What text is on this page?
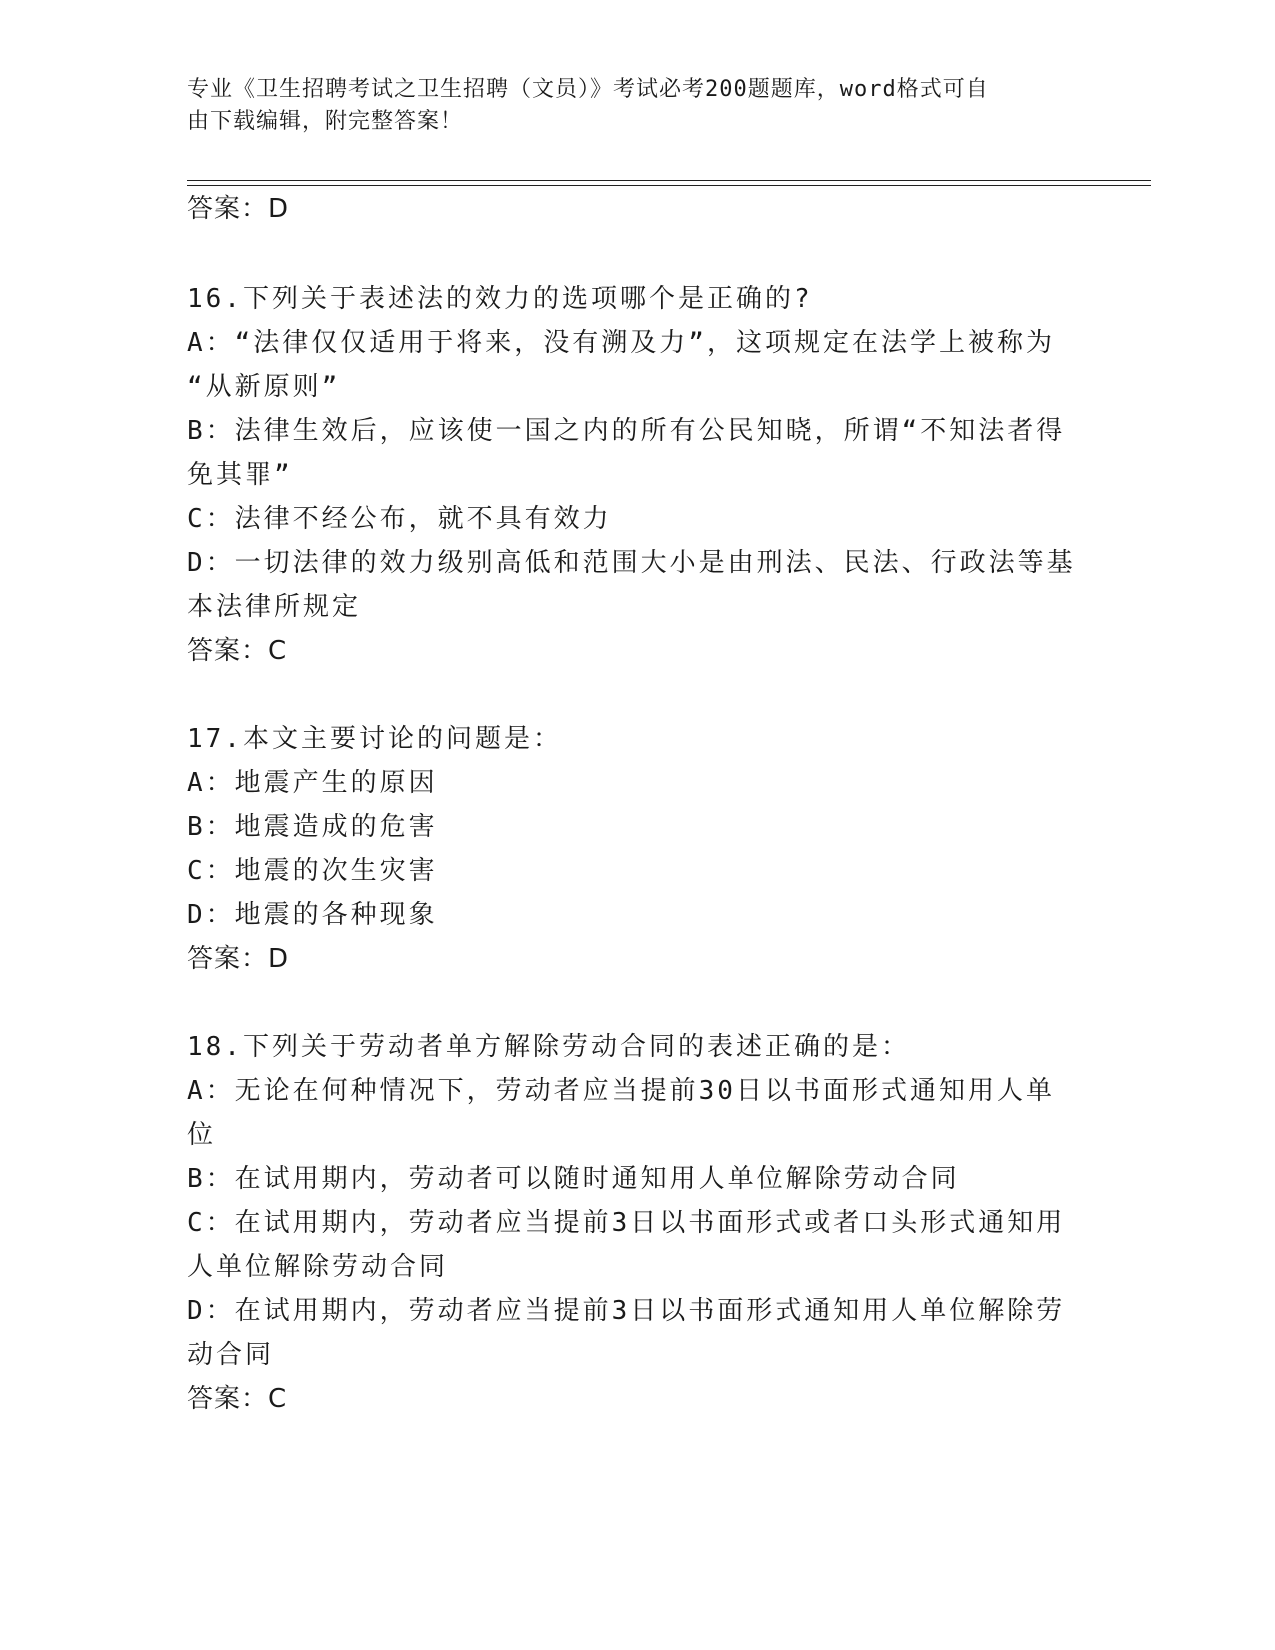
专业《卫生招聘考试之卫生招聘（文员）》考试必考200题题库，word格式可自
由下载编辑，附完整答案！
答案：D
16.下列关于表述法的效力的选项哪个是正确的?
A：“法律仅仅适用于将来，没有溯及力”，这项规定在法学上被称为
“从新原则”
B：法律生效后，应该使一国之内的所有公民知晓，所谓“不知法者得
免其罪”
C：法律不经公布，就不具有效力
D：一切法律的效力级别高低和范围大小是由刑法、民法、行政法等基
本法律所规定
答案：C
17.本文主要讨论的问题是：
A：地震产生的原因
B：地震造成的危害
C：地震的次生灾害
D：地震的各种现象
答案：D
18.下列关于劳动者单方解除劳动合同的表述正确的是：
A：无论在何种情况下，劳动者应当提前30日以书面形式通知用人单
位
B：在试用期内，劳动者可以随时通知用人单位解除劳动合同
C：在试用期内，劳动者应当提前3日以书面形式或者口头形式通知用
人单位解除劳动合同
D：在试用期内，劳动者应当提前3日以书面形式通知用人单位解除劳
动合同
答案：C
